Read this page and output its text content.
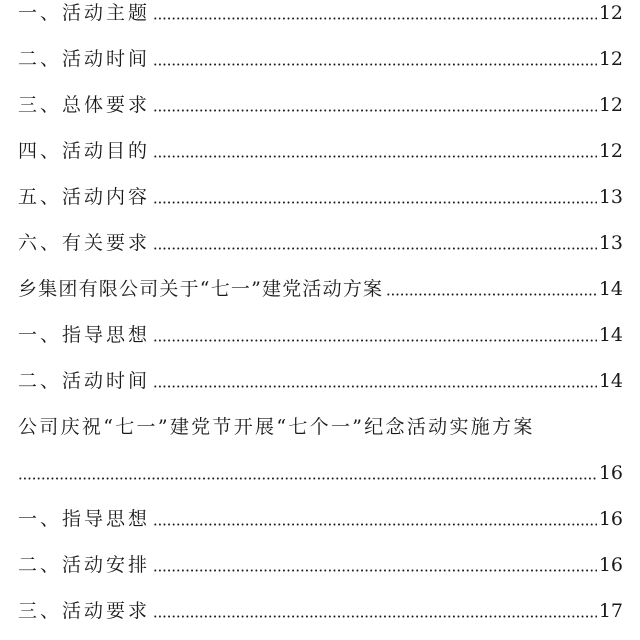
一、活动主题	12
二、活动时间	12
三、总体要求	12
四、活动目的	12
五、活动内容	13
六、有关要求	13
乡集团有限公司关于“七一”建党活动方案	14
一、指导思想	14
二、活动时间	14
公司庆祝“七一”建党节开展“七个一”纪念活动实施方案
16
一、指导思想	16
二、活动安排	16
三、活动要求	17
